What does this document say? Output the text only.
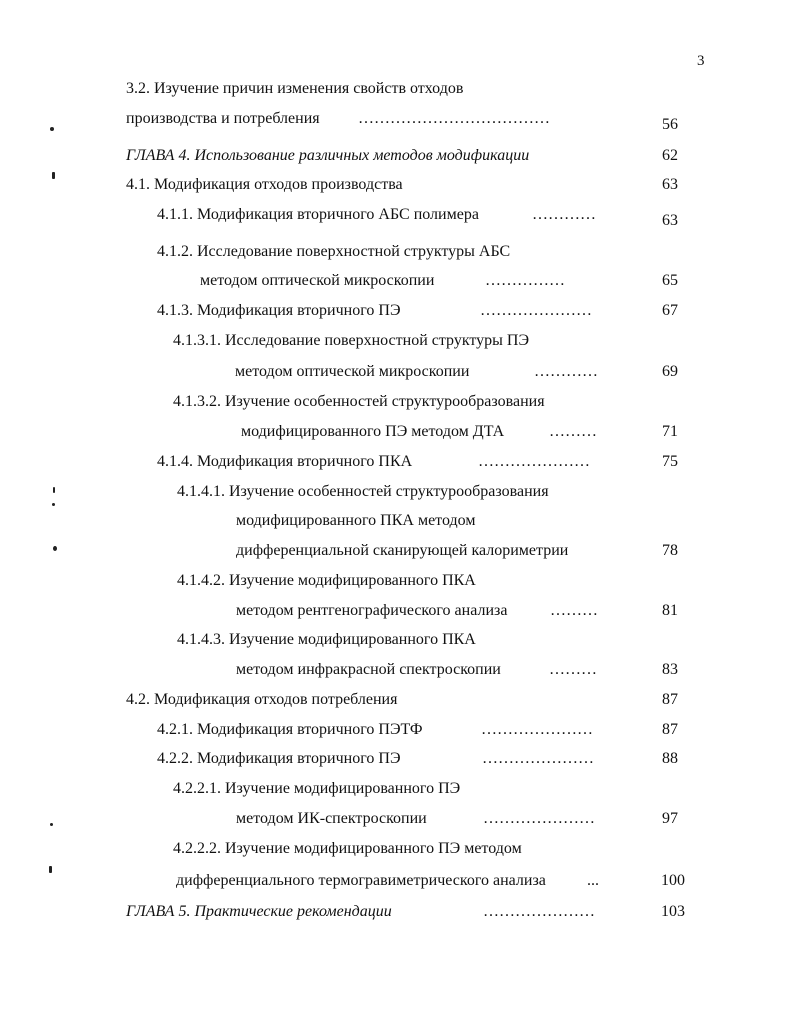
3
3.2. Изучение причин изменения свойств отходов
производства и потребления ………………………………	56
ГЛАВА 4. Использование различных методов модификации	62
4.1. Модификация отходов производства	63
4.1.1. Модификация вторичного АБС полимера	…………	63
4.1.2. Исследование поверхностной структуры АБС
методом оптической микроскопии	……………	65
4.1.3. Модификация вторичного ПЭ	…………………	67
4.1.3.1. Исследование поверхностной структуры ПЭ
методом оптической микроскопии	…………	69
4.1.3.2. Изучение особенностей структурообразования
модифицированного ПЭ методом ДТА	………	71
4.1.4. Модификация вторичного ПКА	…………………	75
4.1.4.1. Изучение особенностей структурообразования
модифицированного ПКА методом
дифференциальной сканирующей калориметрии	78
4.1.4.2. Изучение модифицированного ПКА
методом рентгенографического анализа	………	81
4.1.4.3. Изучение модифицированного ПКА
методом инфракрасной спектроскопии	………	83
4.2. Модификация отходов потребления	87
4.2.1. Модификация вторичного ПЭТФ	…………………	87
4.2.2. Модификация вторичного ПЭ	…………………	88
4.2.2.1. Изучение модифицированного ПЭ
методом ИК-спектроскопии	…………………	97
4.2.2.2. Изучение модифицированного ПЭ методом
дифференциального термогравиметрического анализа	...	100
ГЛАВА 5. Практические рекомендации	…………………	103
